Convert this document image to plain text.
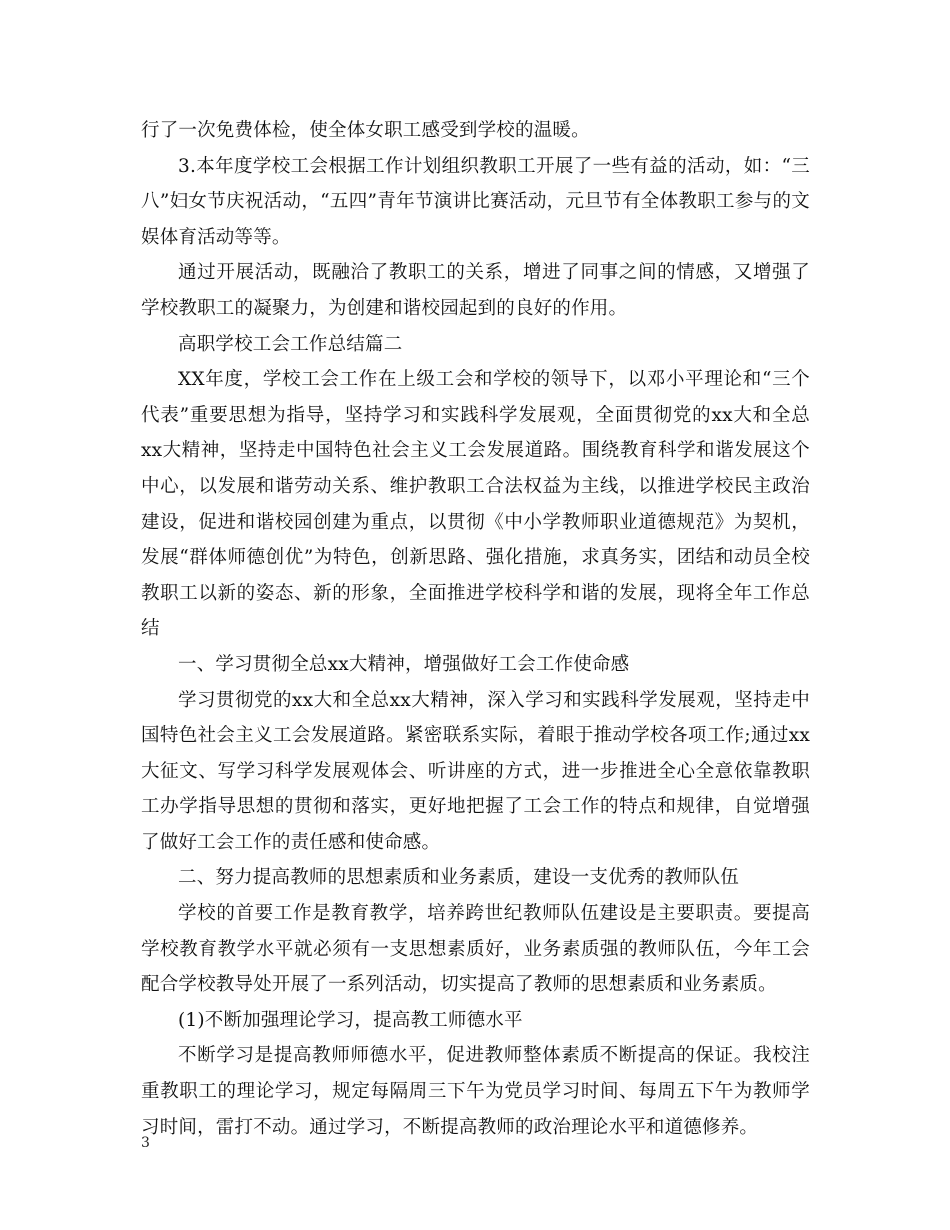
行了一次免费体检，使全体女职工感受到学校的温暖。

3.本年度学校工会根据工作计划组织教职工开展了一些有益的活动，如：“三八”妇女节庆祝活动，“五四”青年节演讲比赛活动，元旦节有全体教职工参与的文娱体育活动等等。

通过开展活动，既融洽了教职工的关系，增进了同事之间的情感，又增强了学校教职工的凝聚力，为创建和谐校园起到的良好的作用。

高职学校工会工作总结篇二

XX年度，学校工会工作在上级工会和学校的领导下，以邓小平理论和“三个代表”重要思想为指导，坚持学习和实践科学发展观，全面贯彻党的xx大和全总xx大精神，坚持走中国特色社会主义工会发展道路。围绕教育科学和谐发展这个中心，以发展和谐劳动关系、维护教职工合法权益为主线，以推进学校民主政治建设，促进和谐校园创建为重点，以贯彻《中小学教师职业道德规范》为契机，发展“群体师德创优”为特色，创新思路、强化措施，求真务实，团结和动员全校教职工以新的姿态、新的形象，全面推进学校科学和谐的发展，现将全年工作总结

一、学习贯彻全总xx大精神，增强做好工会工作使命感

学习贯彻党的xx大和全总xx大精神，深入学习和实践科学发展观，坚持走中国特色社会主义工会发展道路。紧密联系实际，着眼于推动学校各项工作;通过xx大征文、写学习科学发展观体会、听讲座的方式，进一步推进全心全意依靠教职工办学指导思想的贯彻和落实，更好地把握了工会工作的特点和规律，自觉增强了做好工会工作的责任感和使命感。

二、努力提高教师的思想素质和业务素质，建设一支优秀的教师队伍

学校的首要工作是教育教学，培养跨世纪教师队伍建设是主要职责。要提高学校教育教学水平就必须有一支思想素质好，业务素质强的教师队伍，今年工会配合学校教导处开展了一系列活动，切实提高了教师的思想素质和业务素质。

(1)不断加强理论学习，提高教工师德水平

不断学习是提高教师师德水平，促进教师整体素质不断提高的保证。我校注重教职工的理论学习，规定每隔周三下午为党员学习时间、每周五下午为教师学习时间，雷打不动。通过学习，不断提高教师的政治理论水平和道德修养。

3
